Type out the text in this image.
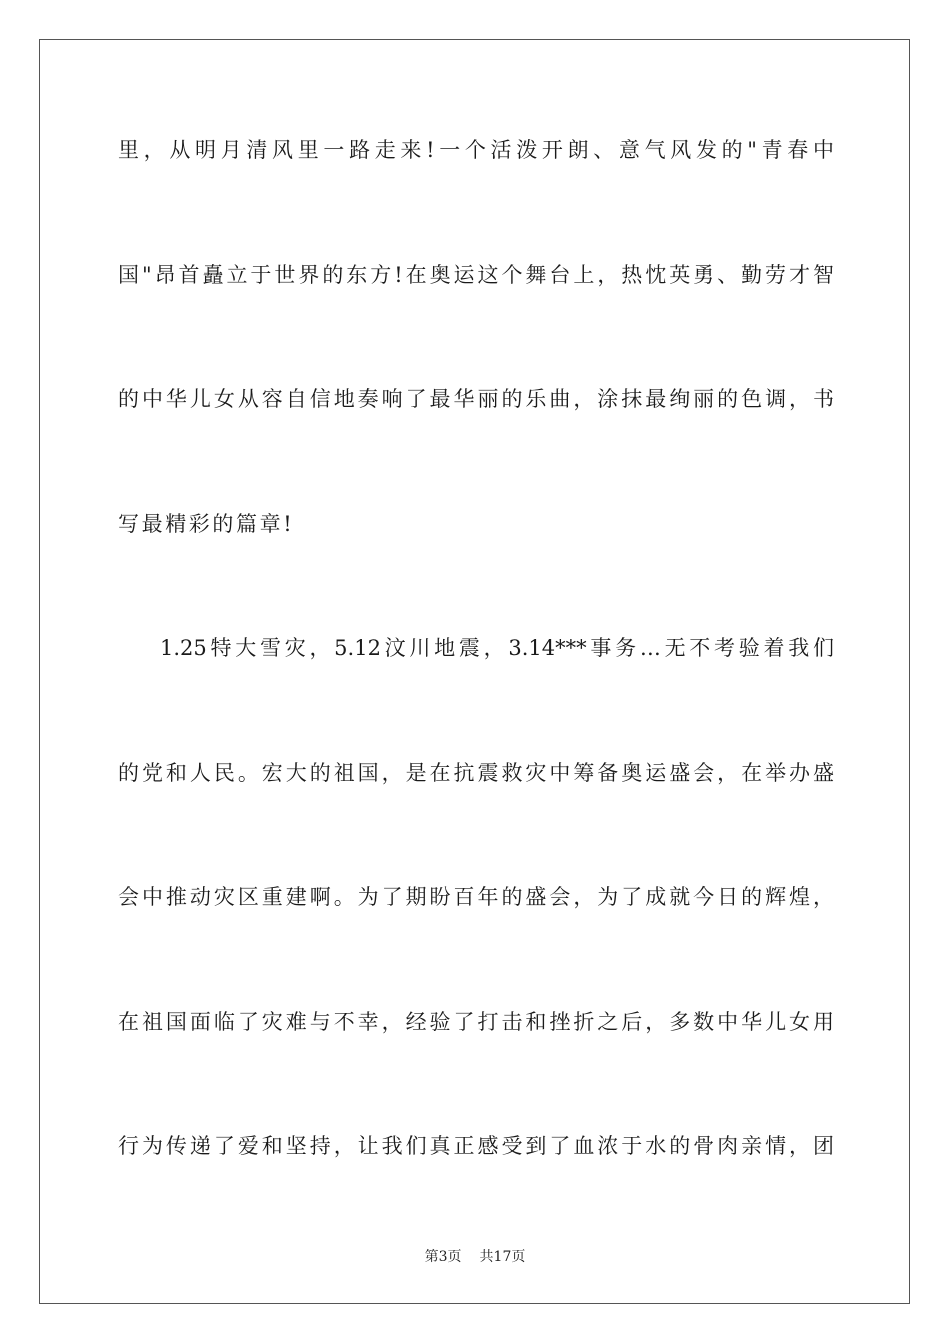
里，从明月清风里一路走来!一个活泼开朗、意气风发的"青春中
国"昂首矗立于世界的东方!在奥运这个舞台上，热忱英勇、勤劳才智
的中华儿女从容自信地奏响了最华丽的乐曲，涂抹最绚丽的色调，书
写最精彩的篇章!
1.25特大雪灾，5.12汶川地震，3.14***事务…无不考验着我们
的党和人民。宏大的祖国，是在抗震救灾中筹备奥运盛会，在举办盛
会中推动灾区重建啊。为了期盼百年的盛会，为了成就今日的辉煌，
在祖国面临了灾难与不幸，经验了打击和挫折之后，多数中华儿女用
行为传递了爱和坚持，让我们真正感受到了血浓于水的骨肉亲情，团
第3页 共17页
